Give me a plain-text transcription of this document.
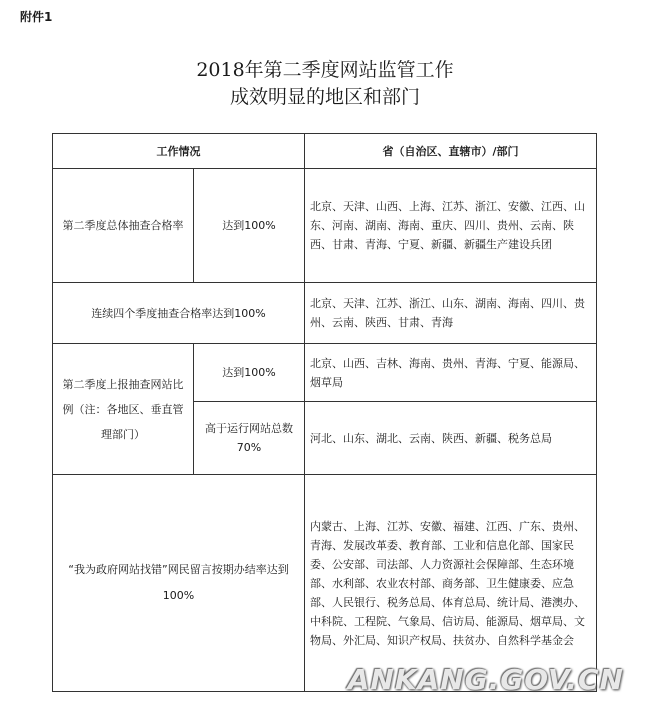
附件1
2018年第二季度网站监管工作
成效明显的地区和部门
工作情况		省（自治区、直辖市）/部门
第二季度总体抽查合格率	达到100%	北京、天津、山西、上海、江苏、浙江、安徽、江西、山东、河南、湖南、海南、重庆、四川、贵州、云南、陕西、甘肃、青海、宁夏、新疆、新疆生产建设兵团
连续四个季度抽查合格率达到100%		北京、天津、江苏、浙江、山东、湖南、海南、四川、贵州、云南、陕西、甘肃、青海
第二季度上报抽查网站比例（注：各地区、垂直管理部门）	达到100%	北京、山西、吉林、海南、贵州、青海、宁夏、能源局、烟草局
	高于运行网站总数70%	河北、山东、湖北、云南、陕西、新疆、税务总局
“我为政府网站找错”网民留言按期办结率达到100%		内蒙古、上海、江苏、安徽、福建、江西、广东、贵州、青海、发展改革委、教育部、工业和信息化部、国家民委、公安部、司法部、人力资源社会保障部、生态环境部、水利部、农业农村部、商务部、卫生健康委、应急部、人民银行、税务总局、体育总局、统计局、港澳办、中科院、工程院、气象局、信访局、能源局、烟草局、文物局、外汇局、知识产权局、扶贫办、自然科学基金会
ANKANG.GOV.CN
